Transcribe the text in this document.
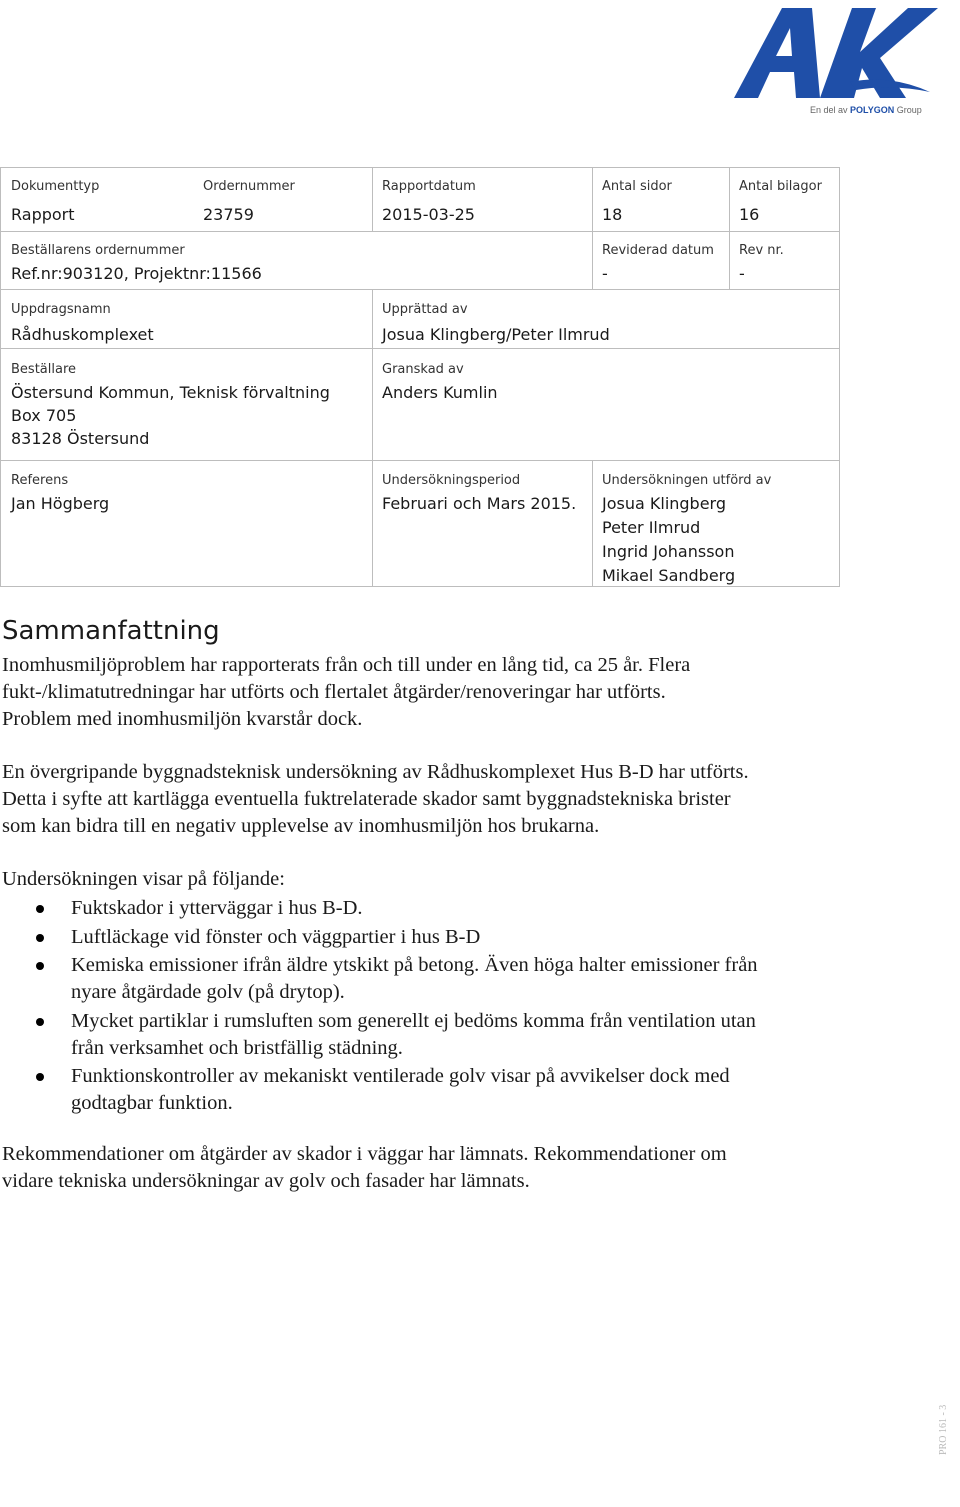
En del av POLYGON Group
Dokumenttyp
Rapport
Ordernummer
23759
Rapportdatum
2015-03-25
Antal sidor
18
Antal bilagor
16
Beställarens ordernummer
Ref.nr:903120, Projektnr:11566
Reviderad datum
-
Rev nr.
-
Uppdragsnamn
Rådhuskomplexet
Upprättad av
Josua Klingberg/Peter Ilmrud
Beställare
Östersund Kommun, Teknisk förvaltning
Box 705
83128 Östersund
Granskad av
Anders Kumlin
Referens
Jan Högberg
Undersökningsperiod
Februari och Mars 2015.
Undersökningen utförd av
Josua Klingberg
Peter Ilmrud
Ingrid Johansson
Mikael Sandberg
Sammanfattning
Inomhusmiljöproblem har rapporterats från och till under en lång tid, ca 25 år. Flera
fukt-/klimatutredningar har utförts och flertalet åtgärder/renoveringar har utförts.
Problem med inomhusmiljön kvarstår dock.
En övergripande byggnadsteknisk undersökning av Rådhuskomplexet Hus B-D har utförts.
Detta i syfte att kartlägga eventuella fuktrelaterade skador samt byggnadstekniska brister
som kan bidra till en negativ upplevelse av inomhusmiljön hos brukarna.
Undersökningen visar på följande:
Fuktskador i ytterväggar i hus B-D.
Luftläckage vid fönster och väggpartier i hus B-D
Kemiska emissioner ifrån äldre ytskikt på betong. Även höga halter emissioner från
nyare åtgärdade golv (på drytop).
Mycket partiklar i rumsluften som generellt ej bedöms komma från ventilation utan
från verksamhet och bristfällig städning.
Funktionskontroller av mekaniskt ventilerade golv visar på avvikelser dock med
godtagbar funktion.
Rekommendationer om åtgärder av skador i väggar har lämnats. Rekommendationer om
vidare tekniska undersökningar av golv och fasader har lämnats.
PRO 161 - 3
